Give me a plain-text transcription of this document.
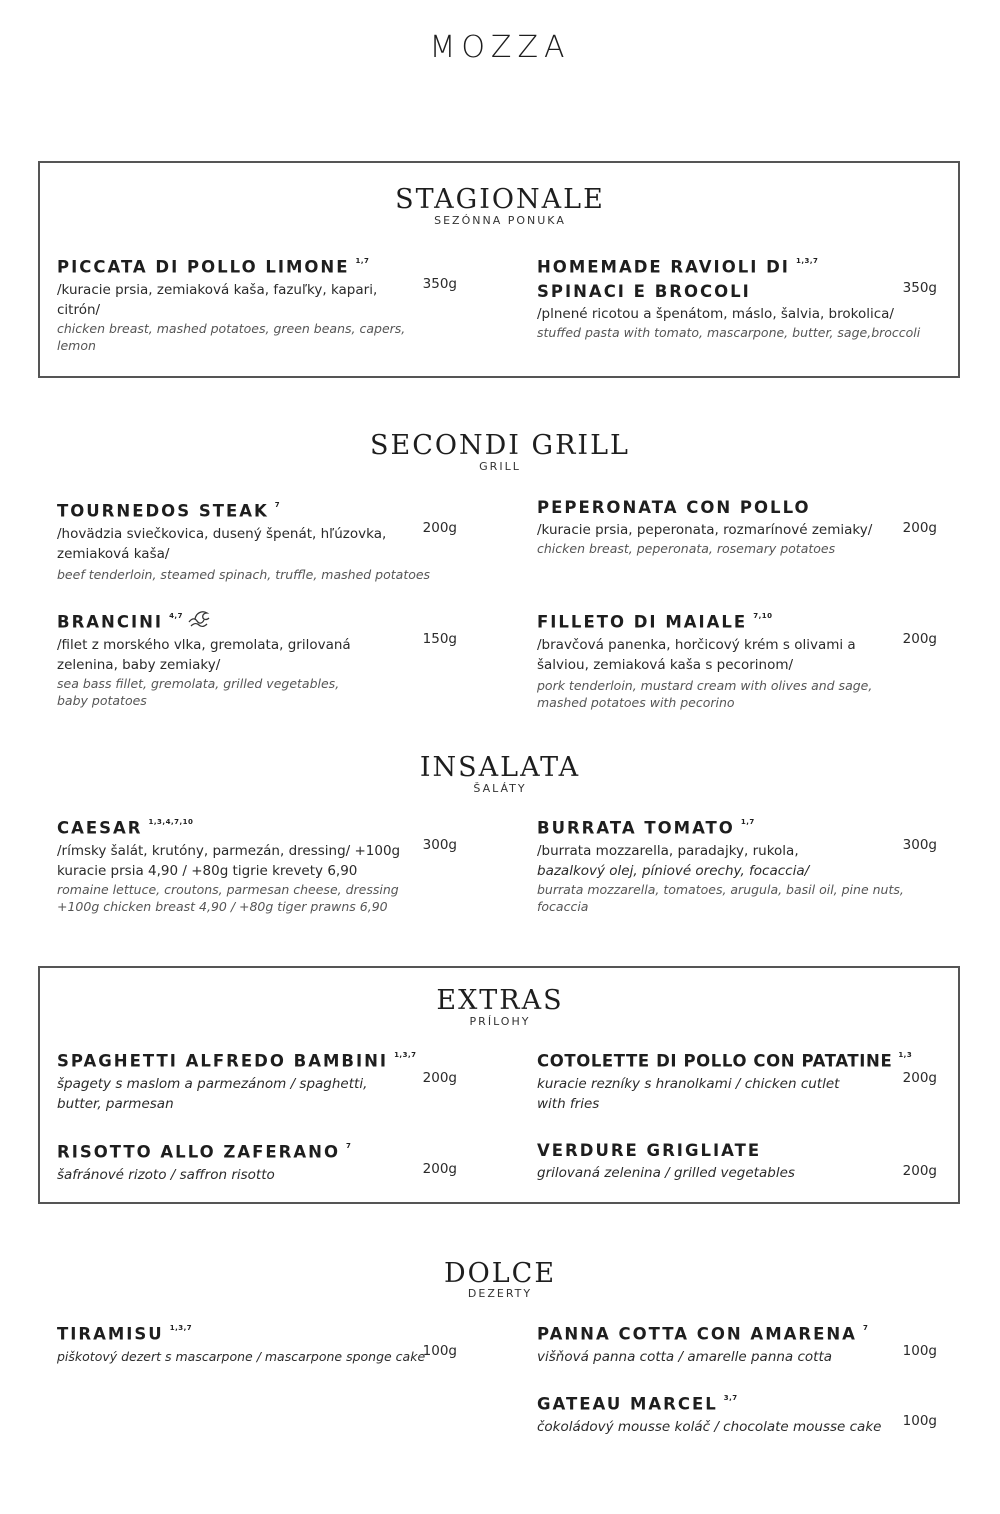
MOZZA
STAGIONALE
SEZÓNNA PONUKA
PICCATA DI POLLO LIMONE $^{1,7}$
/kuracie prsia, zemiaková kaša, fazuľky, kapari, citrón/
chicken breast, mashed potatoes, green beans, capers, lemon
350g
HOMEMADE RAVIOLI DI $^{1,3,7}$
SPINACI E BROCOLI
/plnené ricotou a špenátom, máslo, šalvia, brokolica/
stuffed pasta with tomato, mascarpone, butter, sage,broccoli
350g
SECONDI GRILL
GRILL
TOURNEDOS STEAK $^7$
/hovädzia sviečkovica, dusený špenát, hľúzovka, zemiaková kaša/
beef tenderloin, steamed spinach, truffle, mashed potatoes
200g
PEPERONATA CON POLLO
/kuracie prsia, peperonata, rozmarínové zemiaky/
chicken breast, peperonata, rosemary potatoes
200g
BRANCINI $^{4,7}$
/filet z morského vlka, gremolata, grilovaná zelenina, baby zemiaky/
sea bass fillet, gremolata, grilled vegetables, baby potatoes
150g
FILLETO DI MAIALE $^{7,10}$
/bravčová panenka, horčicový krém s olivami a šalviou, zemiaková kaša s pecorinom/
pork tenderloin, mustard cream with olives and sage, mashed potatoes with pecorino
200g
INSALATA
ŠALÁTY
CAESAR $^{1,3,4,7,10}$
/rímsky šalát, krutóny, parmezán, dressing/ +100g kuracie prsia 4,90 / +80g tigrie krevety 6,90
romaine lettuce, croutons, parmesan cheese, dressing +100g chicken breast 4,90 / +80g tiger prawns 6,90
300g
BURRATA TOMATO $^{1,7}$
/burrata mozzarella, paradajky, rukola,
bazalkový olej, píniové orechy, focaccia/
burrata mozzarella, tomatoes, arugula, basil oil, pine nuts, focaccia
300g
EXTRAS
PRÍLOHY
SPAGHETTI ALFREDO BAMBINI $^{1,3,7}$
špagety s maslom a parmezánom / spaghetti, butter, parmesan
200g
COTOLETTE DI POLLO CON PATATINE $^{1,3}$
kuracie rezníky s hranolkami / chicken cutlet with fries
200g
RISOTTO ALLO ZAFERANO $^7$
šafránové rizoto / saffron risotto	200g
VERDURE GRIGLIATE
grilovaná zelenina / grilled vegetables	200g
DOLCE
DEZERTY
TIRAMISU $^{1,3,7}$
piškotový dezert s mascarpone / mascarpone sponge cake
100g
PANNA COTTA CON AMARENA $^7$
višňová panna cotta / amarelle panna cotta	100g
GATEAU MARCEL $^{3,7}$
čokoládový mousse koláč / chocolate mousse cake	100g
